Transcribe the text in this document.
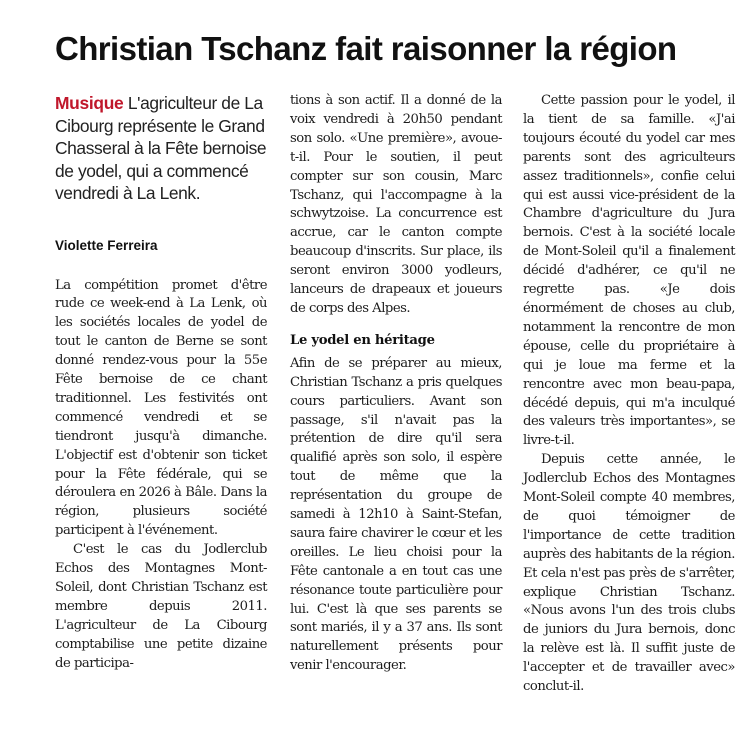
Christian Tschanz fait raisonner la région

Musique L'agriculteur de La Cibourg représente le Grand Chasseral à la Fête bernoise de yodel, qui a commencé vendredi à La Lenk.

Violette Ferreira

La compétition promet d'être rude ce week-end à La Lenk, où les sociétés locales de yodel de tout le canton de Berne se sont donné rendez-vous pour la 55e Fête bernoise de ce chant traditionnel. Les festivités ont commencé vendredi et se tiendront jusqu'à dimanche. L'objectif est d'obtenir son ticket pour la Fête fédérale, qui se déroulera en 2026 à Bâle. Dans la région, plusieurs société participent à l'événement.

C'est le cas du Jodlerclub Echos des Montagnes Mont-Soleil, dont Christian Tschanz est membre depuis 2011. L'agriculteur de La Cibourg comptabilise une petite dizaine de participa-

tions à son actif. Il a donné de la voix vendredi à 20h50 pendant son solo. «Une première», avoue-t-il. Pour le soutien, il peut compter sur son cousin, Marc Tschanz, qui l'accompagne à la schwytzoise. La concurrence est accrue, car le canton compte beaucoup d'inscrits. Sur place, ils seront environ 3000 yodleurs, lanceurs de drapeaux et joueurs de corps des Alpes.

Le yodel en héritage

Afin de se préparer au mieux, Christian Tschanz a pris quelques cours particuliers. Avant son passage, s'il n'avait pas la prétention de dire qu'il sera qualifié après son solo, il espère tout de même que la représentation du groupe de samedi à 12h10 à Saint-Stefan, saura faire chavirer le cœur et les oreilles. Le lieu choisi pour la Fête cantonale a en tout cas une résonance toute particulière pour lui. C'est là que ses parents se sont mariés, il y a 37 ans. Ils sont naturellement présents pour venir l'encourager.

Cette passion pour le yodel, il la tient de sa famille. «J'ai toujours écouté du yodel car mes parents sont des agriculteurs assez traditionnels», confie celui qui est aussi vice-président de la Chambre d'agriculture du Jura bernois. C'est à la société locale de Mont-Soleil qu'il a finalement décidé d'adhérer, ce qu'il ne regrette pas. «Je dois énormément de choses au club, notamment la rencontre de mon épouse, celle du propriétaire à qui je loue ma ferme et la rencontre avec mon beau-papa, décédé depuis, qui m'a inculqué des valeurs très importantes», se livre-t-il.

Depuis cette année, le Jodlerclub Echos des Montagnes Mont-Soleil compte 40 membres, de quoi témoigner de l'importance de cette tradition auprès des habitants de la région. Et cela n'est pas près de s'arrêter, explique Christian Tschanz. «Nous avons l'un des trois clubs de juniors du Jura bernois, donc la relève est là. Il suffit juste de l'accepter et de travailler avec» conclut-il.
